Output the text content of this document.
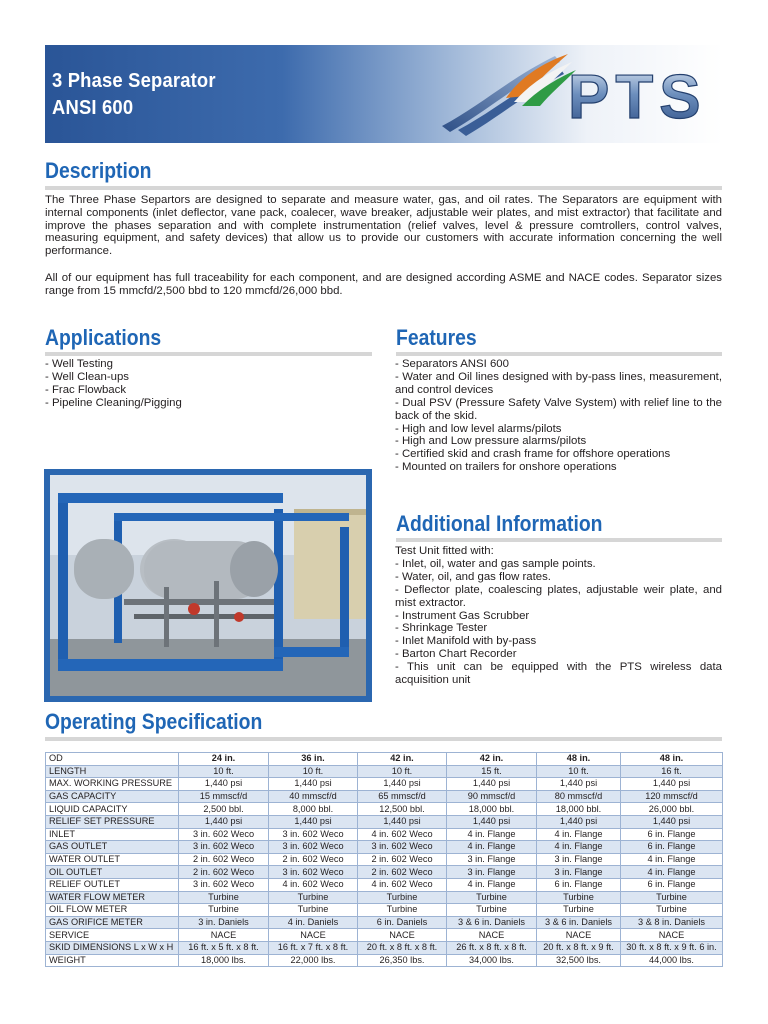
3 Phase Separator
ANSI 600	PTS
Description

The Three Phase Separtors are designed to separate and measure water, gas, and oil rates. The Separators are equipment with internal components (inlet deflector, vane pack, coalecer, wave breaker, adjustable weir plates, and mist extractor) that facilitate and improve the phases separation and with complete instrumentation (relief valves, level & pressure comtrollers, control valves, measuring equipment, and safety devices) that allow us to provide our customers with accurate information concerning the well performance.

All of our equipment has full traceability for each component, and are designed according ASME and NACE codes. Separator sizes range from 15 mmcfd/2,500 bbd to 120 mmcfd/26,000 bbd.

Applications
- Well Testing
- Well Clean-ups
- Frac Flowback
- Pipeline Cleaning/Pigging
Features
- Separators ANSI 600
- Water and Oil lines designed with by-pass lines, measurement, and control devices
- Dual PSV (Pressure Safety Valve System) with relief line to the back of the skid.
- High and low level alarms/pilots
- High and Low pressure alarms/pilots
- Certified skid and crash frame for offshore operations
- Mounted on trailers for onshore operations
Additional Information
Test Unit fitted with:
- Inlet, oil, water and gas sample points.
- Water, oil, and gas flow rates.
- Deflector plate, coalescing plates, adjustable weir plate, and mist extractor.
- Instrument Gas Scrubber
- Shrinkage Tester
- Inlet Manifold with by-pass
- Barton Chart Recorder
- This unit can be equipped with the PTS wireless data acquisition unit
Operating Specification
OD	24 in.	36 in.	42 in.	42 in.	48 in.	48 in.
LENGTH	10 ft.	10 ft.	10 ft.	15 ft.	10 ft.	16 ft.
MAX. WORKING PRESSURE	1,440 psi	1,440 psi	1,440 psi	1,440 psi	1,440 psi	1,440 psi
GAS CAPACITY	15 mmscf/d	40 mmscf/d	65 mmscf/d	90 mmscf/d	80 mmscf/d	120 mmscf/d
LIQUID CAPACITY	2,500 bbl.	8,000 bbl.	12,500 bbl.	18,000 bbl.	18,000 bbl.	26,000 bbl.
RELIEF SET PRESSURE	1,440 psi	1,440 psi	1,440 psi	1,440 psi	1,440 psi	1,440 psi
INLET	3 in. 602 Weco	3 in. 602 Weco	4 in. 602 Weco	4 in. Flange	4 in. Flange	6 in. Flange
GAS OUTLET	3 in. 602 Weco	3 in. 602 Weco	3 in. 602 Weco	4 in. Flange	4 in. Flange	6 in. Flange
WATER OUTLET	2 in. 602 Weco	2 in. 602 Weco	2 in. 602 Weco	3 in. Flange	3 in. Flange	4 in. Flange
OIL OUTLET	2 in. 602 Weco	3 in. 602 Weco	2 in. 602 Weco	3 in. Flange	3 in. Flange	4 in. Flange
RELIEF OUTLET	3 in. 602 Weco	4 in. 602 Weco	4 in. 602 Weco	4 in. Flange	6 in. Flange	6 in. Flange
WATER FLOW METER	Turbine	Turbine	Turbine	Turbine	Turbine	Turbine
OIL FLOW METER	Turbine	Turbine	Turbine	Turbine	Turbine	Turbine
GAS ORIFICE METER	3 in. Daniels	4 in. Daniels	6 in. Daniels	3 & 6 in. Daniels	3 & 6 in. Daniels	3 & 8 in. Daniels
SERVICE	NACE	NACE	NACE	NACE	NACE	NACE
SKID DIMENSIONS L x W x H	16 ft. x 5 ft. x 8 ft.	16 ft. x 7 ft. x 8 ft.	20 ft. x 8 ft. x 8 ft.	26 ft. x 8 ft. x 8 ft.	20 ft. x 8 ft. x 9 ft.	30 ft. x 8 ft. x 9 ft. 6 in.
WEIGHT	18,000 lbs.	22,000 lbs.	26,350 lbs.	34,000 lbs.	32,500 lbs.	44,000 lbs.
